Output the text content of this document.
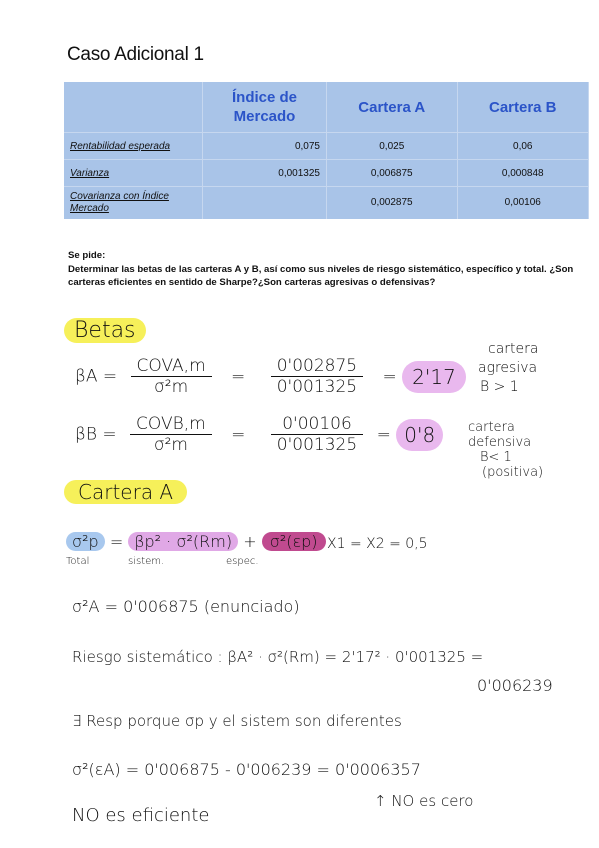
Caso Adicional 1
	Índice de Mercado	Cartera A	Cartera B
Rentabilidad esperada	0,075	0,025	0,06
Varianza	0,001325	0,006875	0,000848
Covarianza con Índice Mercado		0,002875	0,00106
Se pide:
Determinar las betas de las carteras A y B, así como sus niveles de riesgo sistemático, específico y total. ¿Son carteras eficientes en sentido de Sharpe?¿Son carteras agresivas o defensivas?
Betas
$\beta A = \frac{\text{COVA,m}}{\text{σ²m}} = \frac{0'002875}{0'001325} = 2'17$
cartera
agresiva
B > 1
$\beta B = \frac{\text{COVB,m}}{\text{σ²m}} = \frac{0'00106}{0'001325} = 0'8$	cartera
defensiva
B< 1
(positiva)
Cartera A
σ²p = βp² · σ²(Rm) + σ²(εp) X1 = X2 = 0,5
Total	sistem.	espec.
σ²A = 0'006875 (enunciado)
Riesgo sistemático : βA² · σ²(Rm) = 2'17² · 0'001325 =
0'006239
∃ Resp porque σp y el sistem son diferentes
σ²(εA) = 0'006875 - 0'006239 = 0'0006357
↑ NO es cero
NO es eficiente
